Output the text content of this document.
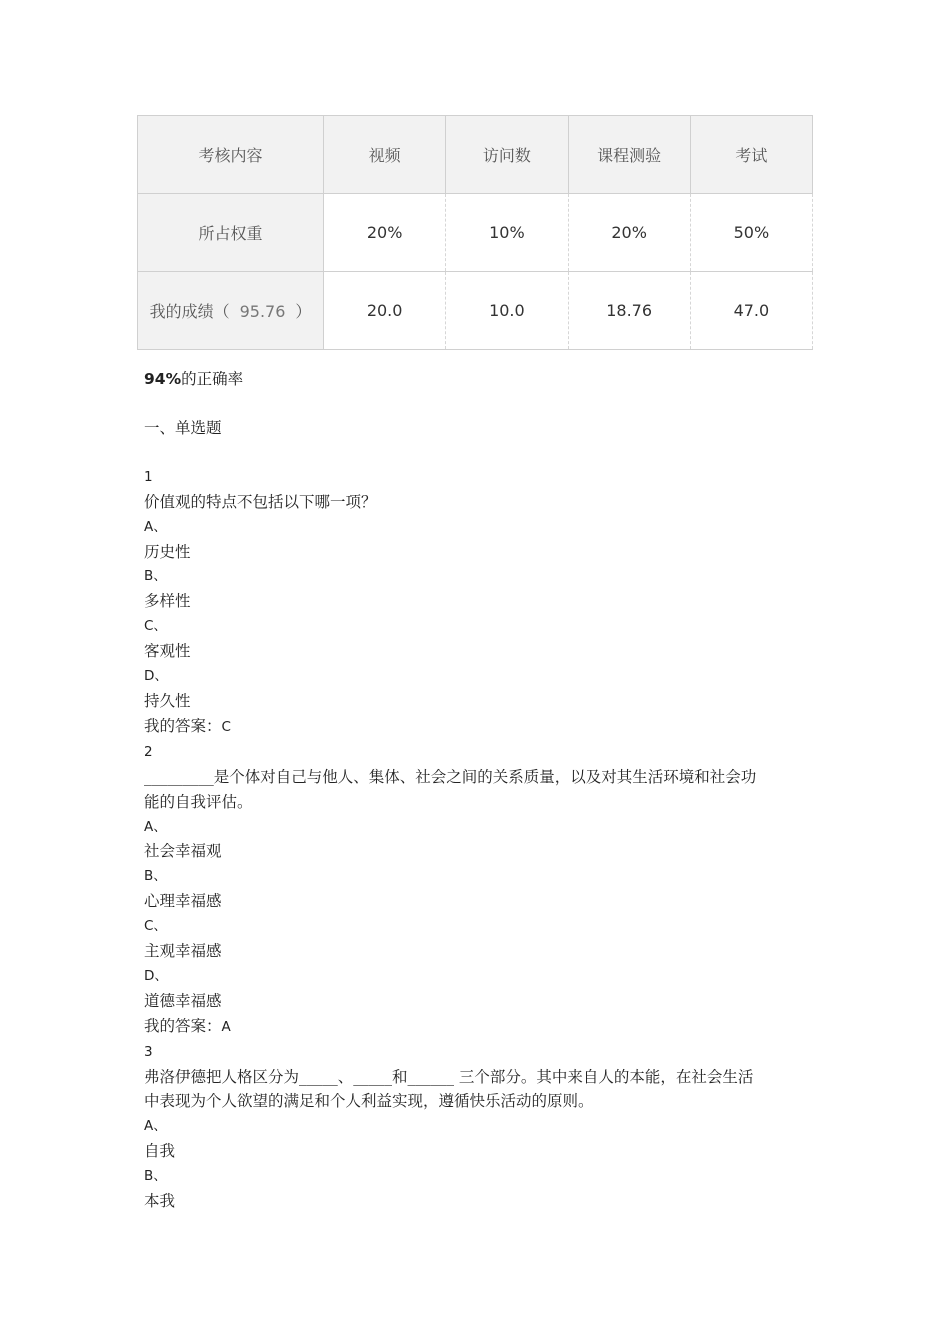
考核内容	视频	访问数	课程测验	考试
所占权重	20%	10%	20%	50%
我的成绩（ 95.76 ）	20.0	10.0	18.76	47.0
94%的正确率
一、单选题
1
价值观的特点不包括以下哪一项？
A、
历史性
B、
多样性
C、
客观性
D、
持久性
我的答案：C
2
_________是个体对自己与他人、集体、社会之间的关系质量，以及对其生活环境和社会功
能的自我评估。
A、
社会幸福观
B、
心理幸福感
C、
主观幸福感
D、
道德幸福感
我的答案：A
3
弗洛伊德把人格区分为_____、_____和______ 三个部分。其中来自人的本能，在社会生活
中表现为个人欲望的满足和个人利益实现，遵循快乐活动的原则。
A、
自我
B、
本我
